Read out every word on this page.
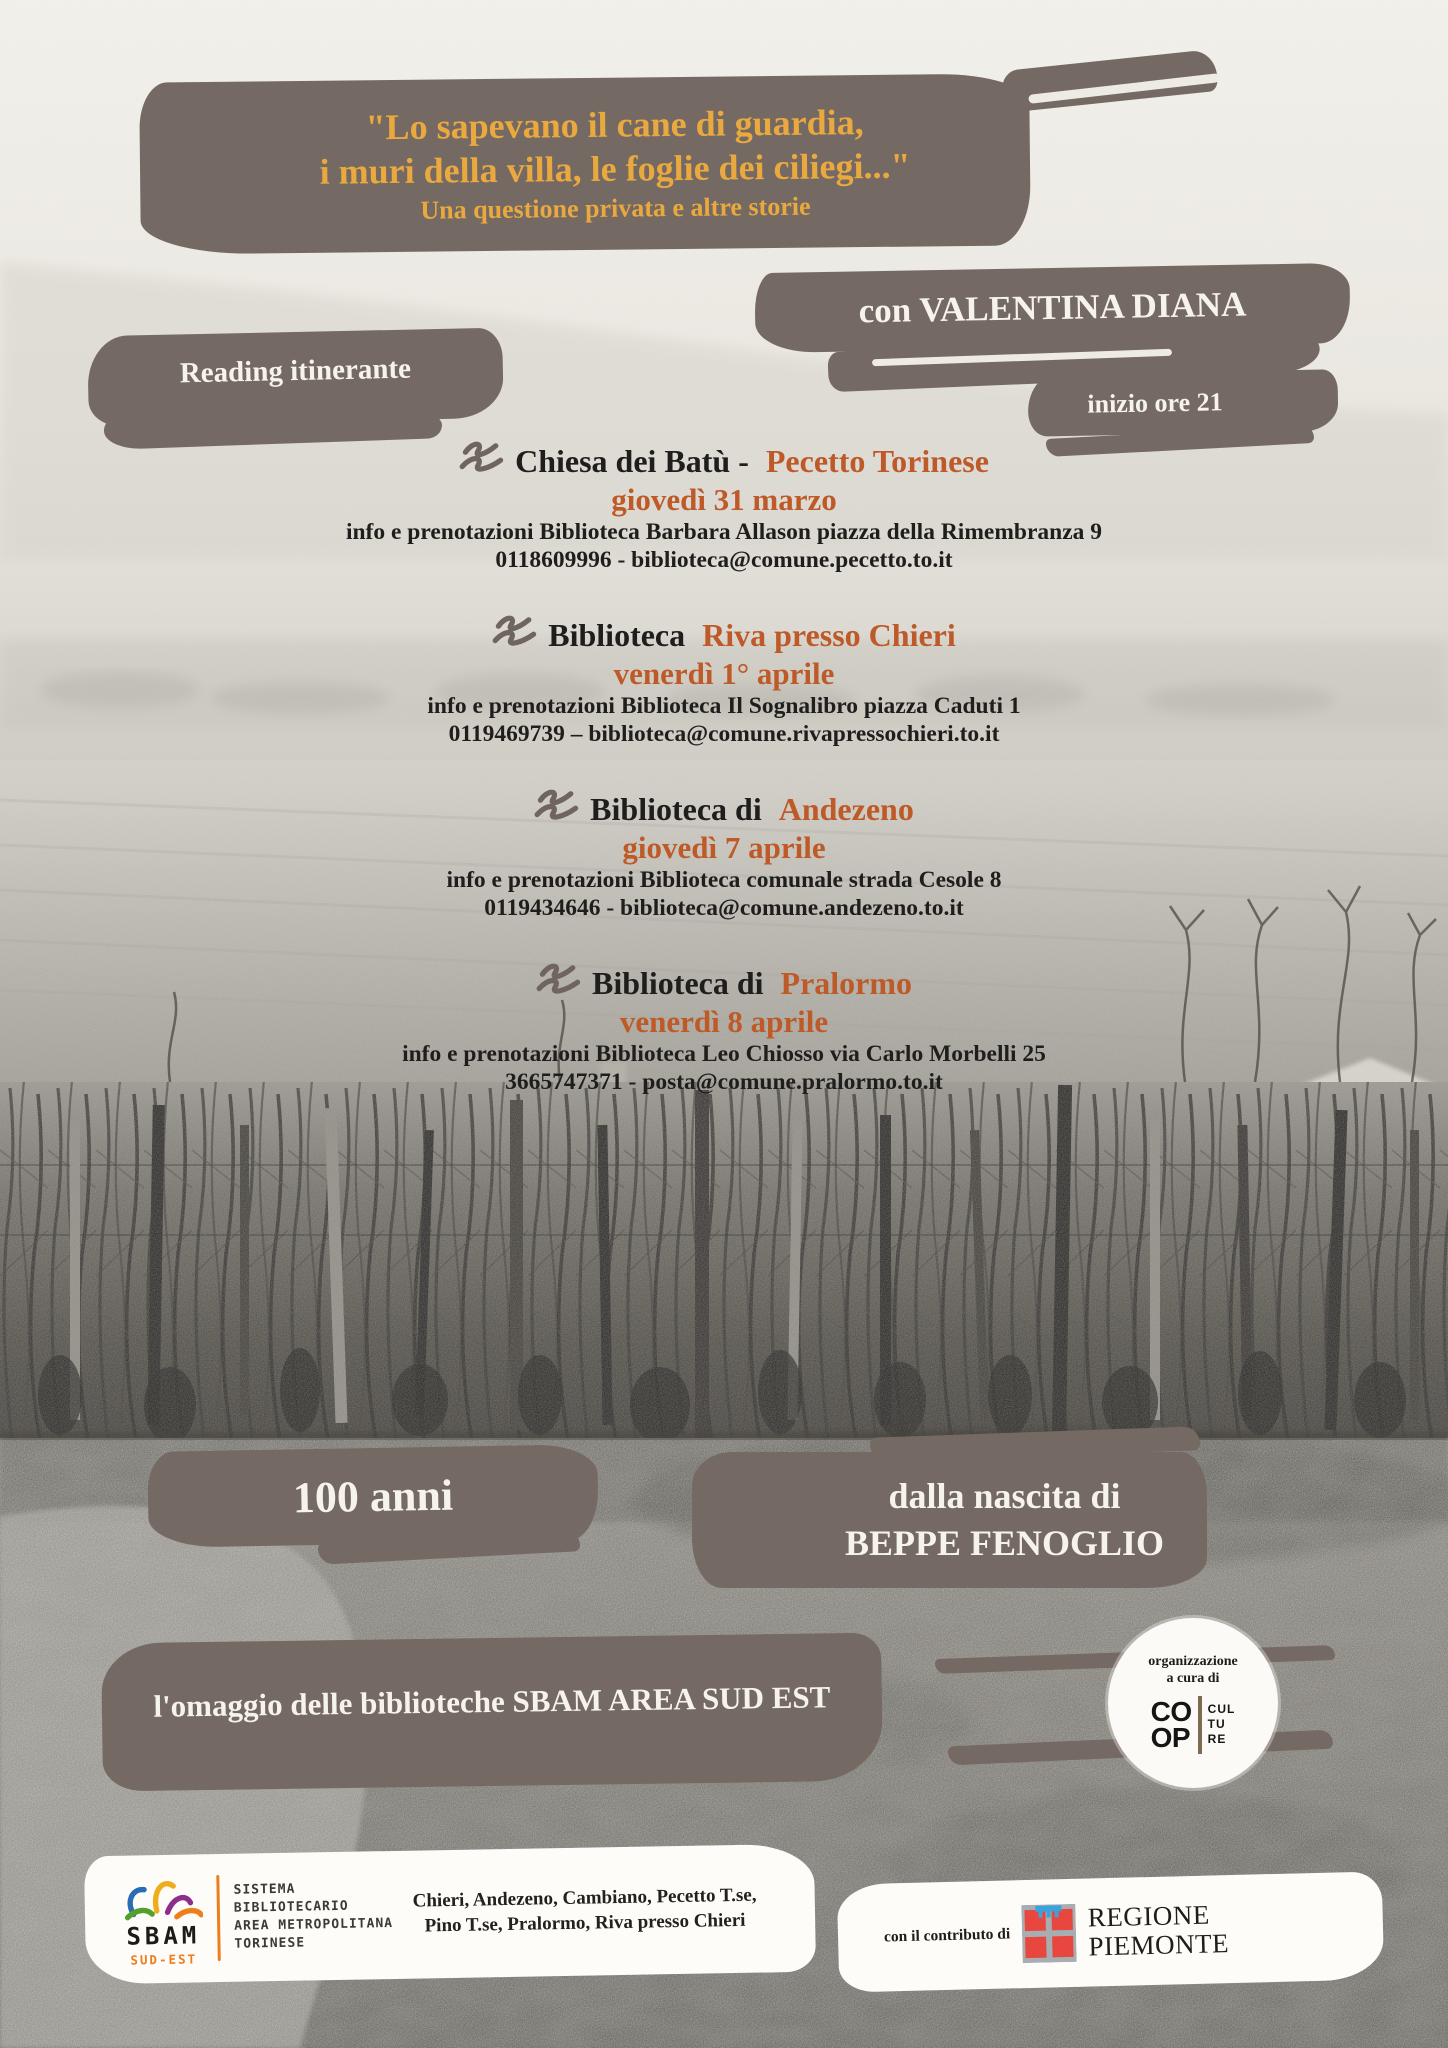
"Lo sapevano il cane di guardia,
i muri della villa, le foglie dei ciliegi..."
Una questione privata e altre storie
con VALENTINA DIANA
Reading itinerante
inizio ore 21
Chiesa dei Batù - Pecetto Torinese
giovedì 31 marzo
info e prenotazioni Biblioteca Barbara Allason piazza della Rimembranza 9
0118609996 - biblioteca@comune.pecetto.to.it
Biblioteca Riva presso Chieri
venerdì 1° aprile
info e prenotazioni Biblioteca Il Sognalibro piazza Caduti 1
0119469739 – biblioteca@comune.rivapressochieri.to.it
Biblioteca di Andezeno
giovedì 7 aprile
info e prenotazioni Biblioteca comunale strada Cesole 8
0119434646 - biblioteca@comune.andezeno.to.it
Biblioteca di Pralormo
venerdì 8 aprile
info e prenotazioni Biblioteca Leo Chiosso via Carlo Morbelli 25
3665747371 - posta@comune.pralormo.to.it
100 anni	dalla nascita di
BEPPE FENOGLIO
l'omaggio delle biblioteche SBAM AREA SUD EST
organizzazione
a cura di
CO
OP
CUL
TU
RE
SBAM
SUD-EST
SISTEMA
BIBLIOTECARIO
AREA METROPOLITANA
TORINESE
Chieri, Andezeno, Cambiano, Pecetto T.se,
Pino T.se, Pralormo, Riva presso Chieri	con il contributo di
REGIONE
PIEMONTE
